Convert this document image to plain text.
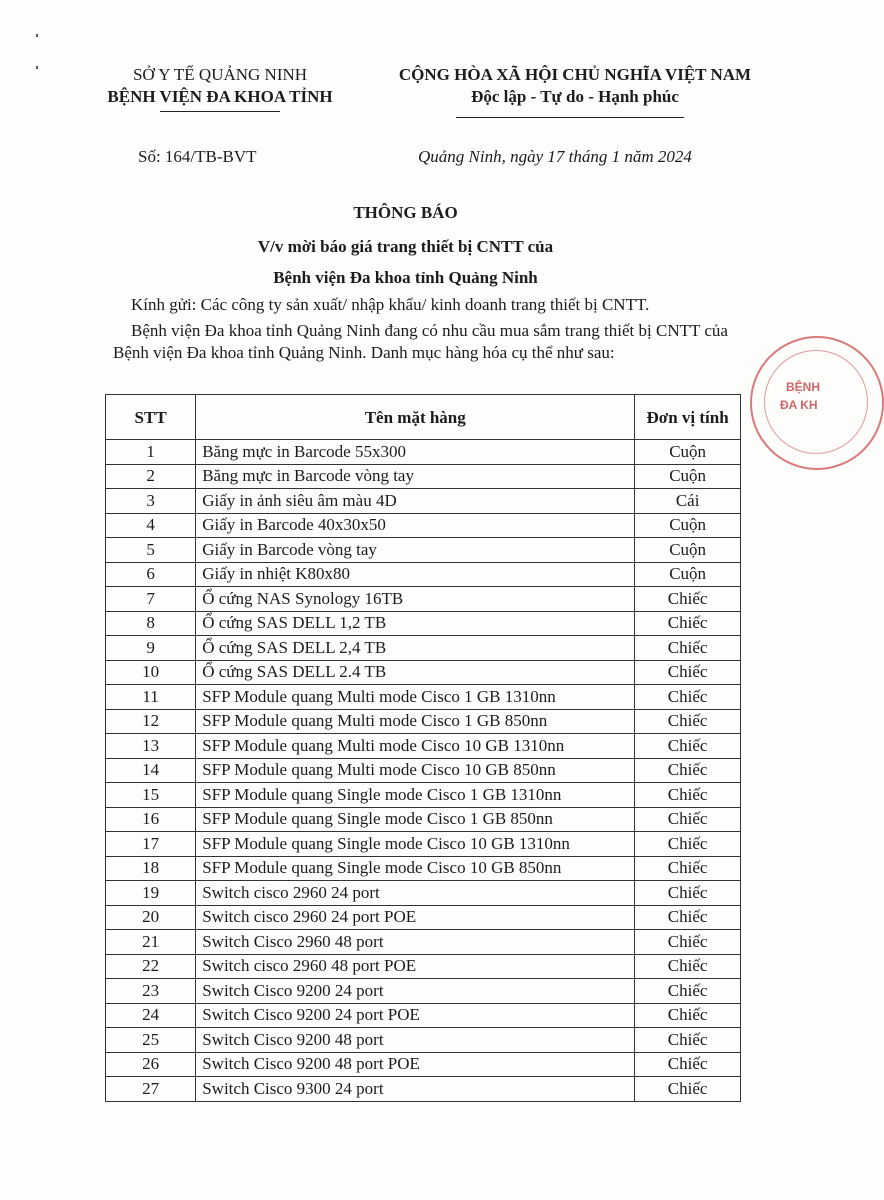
SỞ Y TẾ QUẢNG NINH
BỆNH VIỆN ĐA KHOA TỈNH
CỘNG HÒA XÃ HỘI CHỦ NGHĨA VIỆT NAM
Độc lập - Tự do - Hạnh phúc
Số: 164/TB-BVT	Quảng Ninh, ngày 17 tháng 1 năm 2024
THÔNG BÁO
V/v mời báo giá trang thiết bị CNTT của
Bệnh viện Đa khoa tỉnh Quảng Ninh
Kính gửi: Các công ty sản xuất/ nhập khẩu/ kinh doanh trang thiết bị CNTT.
Bệnh viện Đa khoa tỉnh Quảng Ninh đang có nhu cầu mua sắm trang thiết bị CNTT của Bệnh viện Đa khoa tỉnh Quảng Ninh. Danh mục hàng hóa cụ thể như sau:
STT	Tên mặt hàng	Đơn vị tính
1	Băng mực in Barcode 55x300	Cuộn
2	Băng mực in Barcode vòng tay	Cuộn
3	Giấy in ảnh siêu âm màu 4D	Cái
4	Giấy in Barcode 40x30x50	Cuộn
5	Giấy in Barcode vòng tay	Cuộn
6	Giấy in nhiệt K80x80	Cuộn
7	Ổ cứng NAS Synology 16TB	Chiếc
8	Ổ cứng SAS DELL 1,2 TB	Chiếc
9	Ổ cứng SAS DELL 2,4 TB	Chiếc
10	Ổ cứng SAS DELL 2.4 TB	Chiếc
11	SFP Module quang Multi mode Cisco 1 GB 1310nn	Chiếc
12	SFP Module quang Multi mode Cisco 1 GB 850nn	Chiếc
13	SFP Module quang Multi mode Cisco 10 GB 1310nn	Chiếc
14	SFP Module quang Multi mode Cisco 10 GB 850nn	Chiếc
15	SFP Module quang Single mode Cisco 1 GB 1310nn	Chiếc
16	SFP Module quang Single mode Cisco 1 GB 850nn	Chiếc
17	SFP Module quang Single mode Cisco 10 GB 1310nn	Chiếc
18	SFP Module quang Single mode Cisco 10 GB 850nn	Chiếc
19	Switch cisco 2960 24 port	Chiếc
20	Switch cisco 2960 24 port POE	Chiếc
21	Switch Cisco 2960 48 port	Chiếc
22	Switch cisco 2960 48 port POE	Chiếc
23	Switch Cisco 9200 24 port	Chiếc
24	Switch Cisco 9200 24 port POE	Chiếc
25	Switch Cisco 9200 48 port	Chiếc
26	Switch Cisco 9200 48 port POE	Chiếc
27	Switch Cisco 9300 24 port	Chiếc
BỆNH
ĐA KH
